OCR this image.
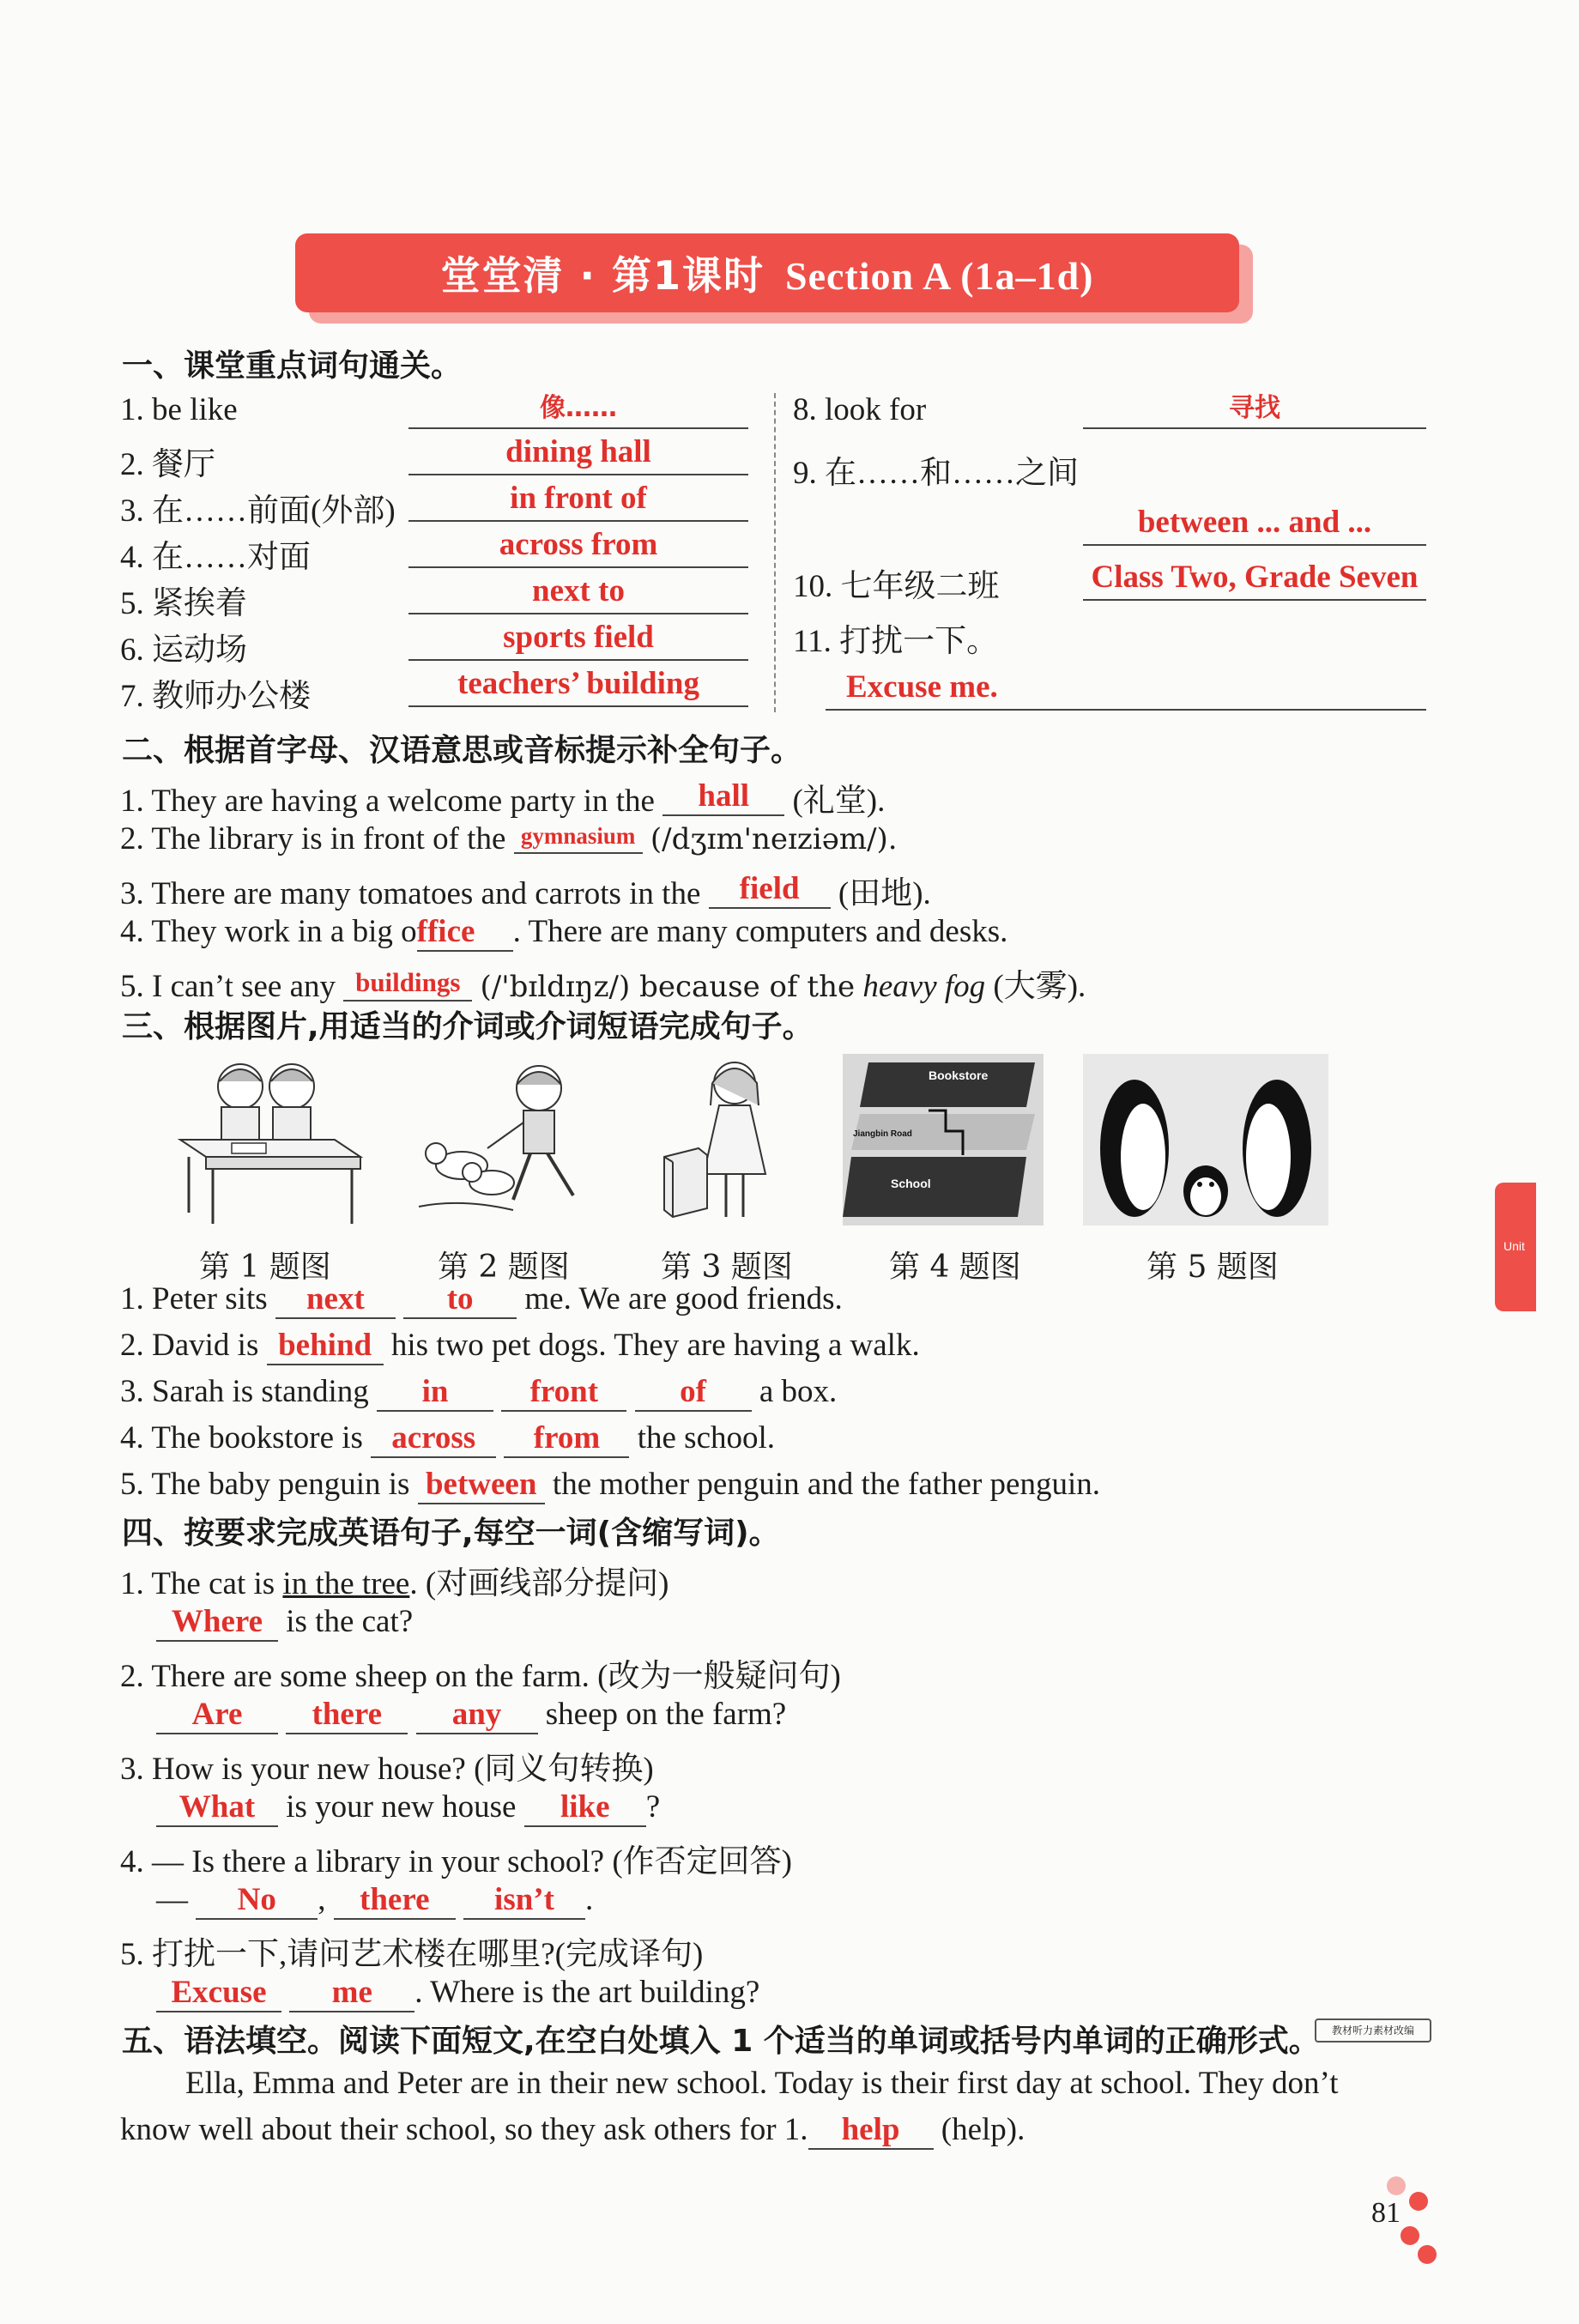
堂堂清 · 第1课时 Section A (1a–1d)
一、课堂重点词句通关。
1. be like	像……
2. 餐厅	dining hall
3. 在……前面(外部)	in front of
4. 在……对面	across from
5. 紧挨着	next to
6. 运动场	sports field
7. 教师办公楼	teachers’ building
8. look for	寻找
9. 在……和……之间
between ... and ...
10. 七年级二班	Class Two, Grade Seven
11. 打扰一下。
Excuse me.
二、根据首字母、汉语意思或音标提示补全句子。
1. They are having a welcome party in the hall (礼堂).
2. The library is in front of the gymnasium (/dʒɪm'neɪziəm/).
3. There are many tomatoes and carrots in the field (田地).
4. They work in a big office . There are many computers and desks.
5. I can’t see any buildings (/'bɪldɪŋz/) because of the heavy fog (大雾).
三、根据图片,用适当的介词或介词短语完成句子。
Bookstore
Jiangbin Road
School
第 1 题图	第 2 题图	第 3 题图	第 4 题图	第 5 题图
1. Peter sits next	to me. We are good friends.
2. David is behind his two pet dogs. They are having a walk.
3. Sarah is standing in	front	of a box.
4. The bookstore is across from the school.
5. The baby penguin is between the mother penguin and the father penguin.
四、按要求完成英语句子,每空一词(含缩写词)。
1. The cat is in the tree. (对画线部分提问)
Where is the cat?
2. There are some sheep on the farm. (改为一般疑问句)
Are there any sheep on the farm?
3. How is your new house? (同义句转换)
What is your new house like ?
4. — Is there a library in your school? (作否定回答)
— No , there isn’t .
5. 打扰一下,请问艺术楼在哪里?(完成译句)
Excuse me . Where is the art building?
五、语法填空。阅读下面短文,在空白处填入 1 个适当的单词或括号内单词的正确形式。	教材听力素材改编
Ella, Emma and Peter are in their new school. Today is their first day at school. They don’t
know well about their school, so they ask others for 1. help (help).
Unit
81
